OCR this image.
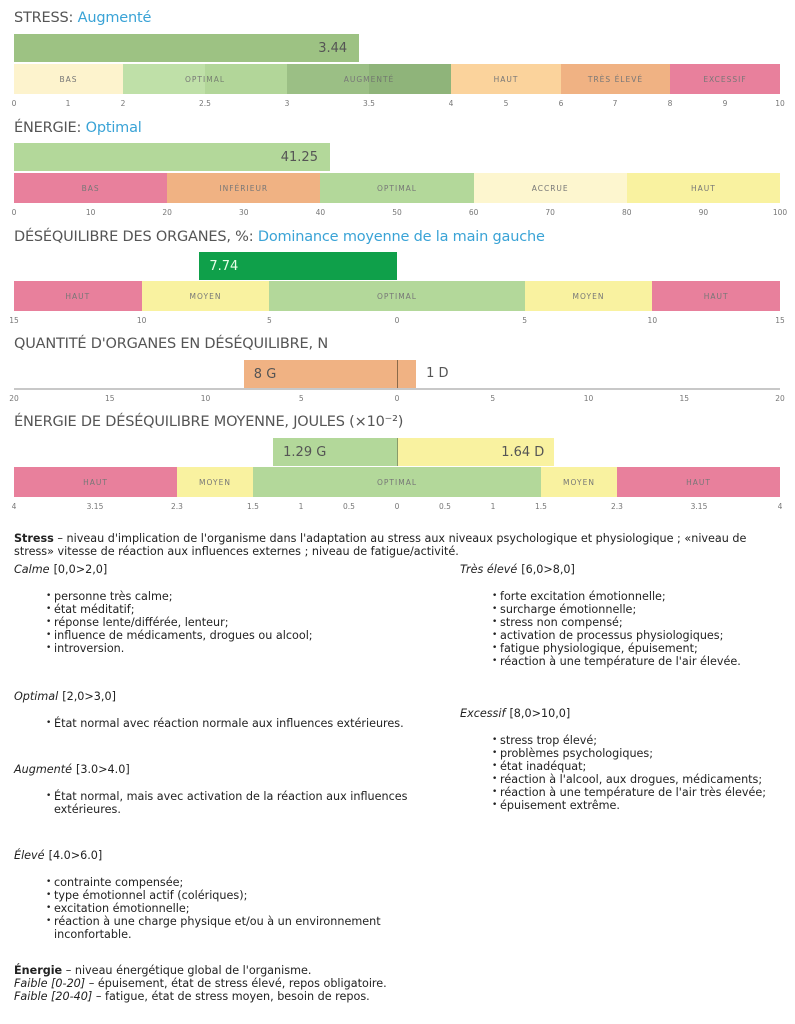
STRESS: Augmenté
3.44
BAS	OPTIMAL	AUGMENTÉ	HAUT	TRÈS ÉLEVÉ	EXCESSIF
0	1	2	2.5	3	3.5	4	5	6	7	8	9	10
ÉNERGIE: Optimal
41.25
BAS	INFÉRIEUR	OPTIMAL	ACCRUE	HAUT
0	10	20	30	40	50	60	70	80	90	100
DÉSÉQUILIBRE DES ORGANES, %: Dominance moyenne de la main gauche
7.74
HAUT	MOYEN	OPTIMAL	MOYEN	HAUT
15	10	5	0	5	10	15
QUANTITÉ D'ORGANES EN DÉSÉQUILIBRE, N
8 G	1 D
20	15	10	5	0	5	10	15	20
ÉNERGIE DE DÉSÉQUILIBRE MOYENNE, JOULES (×10⁻²)
1.29 G	1.64 D
HAUT	MOYEN	OPTIMAL	MOYEN	HAUT
4	3.15	2.3	1.5	1	0.5	0	0.5	1	1.5	2.3	3.15	4
Stress – niveau d'implication de l'organisme dans l'adaptation au stress aux niveaux psychologique et physiologique ; «niveau de stress» vitesse de réaction aux influences externes ; niveau de fatigue/activité.
Calme [0,0>2,0]
• personne très calme;
• état méditatif;
• réponse lente/différée, lenteur;
• influence de médicaments, drogues ou alcool;
• introversion.
Optimal [2,0>3,0]
• État normal avec réaction normale aux influences extérieures.
Augmenté [3.0>4.0]
• État normal, mais avec activation de la réaction aux influences extérieures.
Élevé [4.0>6.0]
• contrainte compensée;
• type émotionnel actif (colériques);
• excitation émotionnelle;
• réaction à une charge physique et/ou à un environnement inconfortable.
Très élevé [6,0>8,0]
• forte excitation émotionnelle;
• surcharge émotionnelle;
• stress non compensé;
• activation de processus physiologiques;
• fatigue physiologique, épuisement;
• réaction à une température de l'air élevée.
Excessif [8,0>10,0]
• stress trop élevé;
• problèmes psychologiques;
• état inadéquat;
• réaction à l'alcool, aux drogues, médicaments;
• réaction à une température de l'air très élevée;
• épuisement extrême.
Énergie – niveau énergétique global de l'organisme.
Faible [0-20] – épuisement, état de stress élevé, repos obligatoire.
Faible [20-40] – fatigue, état de stress moyen, besoin de repos.
